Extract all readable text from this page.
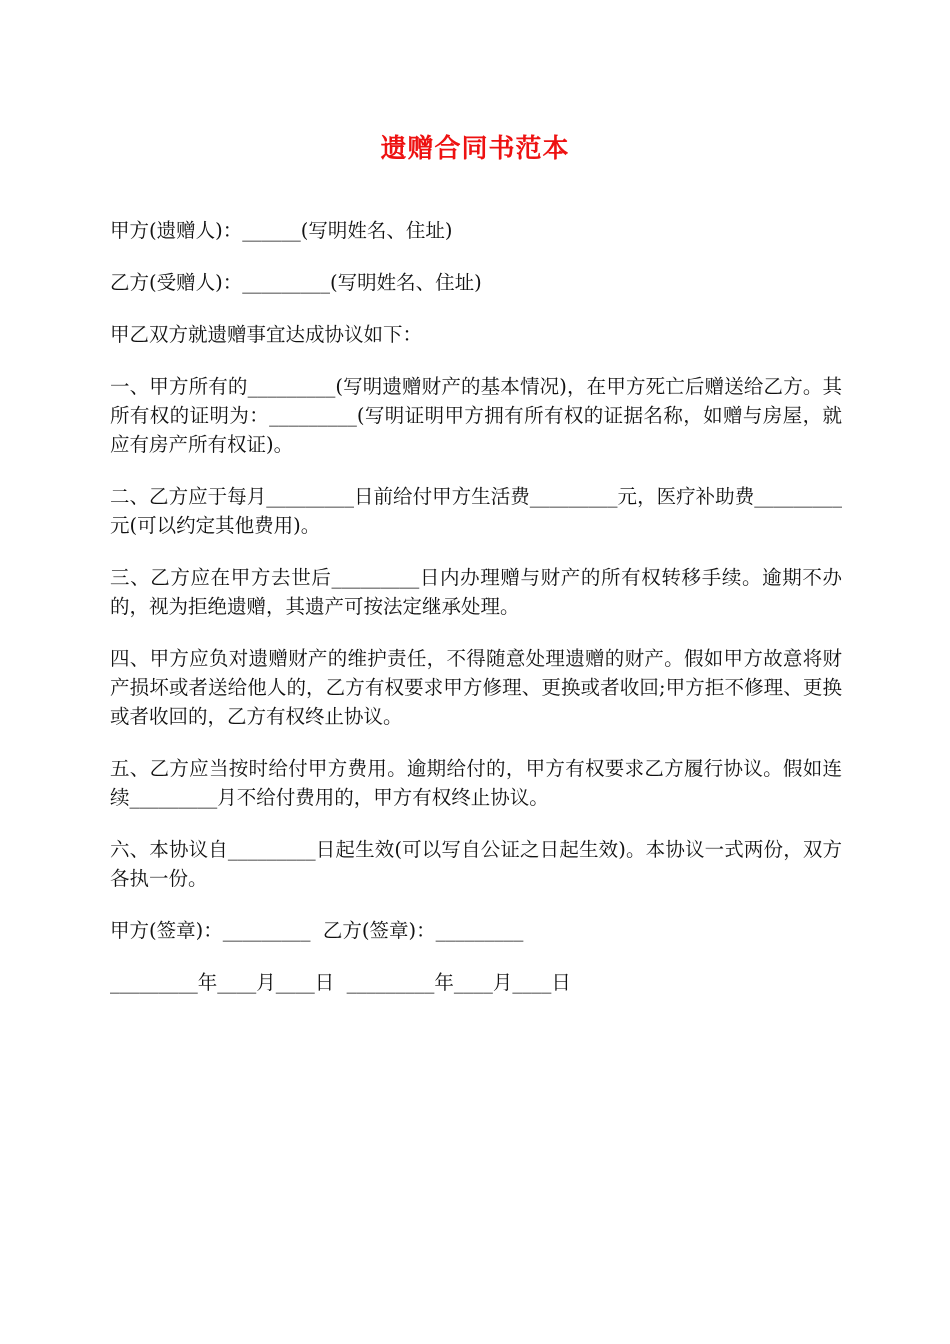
遗赠合同书范本

甲方(遗赠人)：______(写明姓名、住址)

乙方(受赠人)：_________(写明姓名、住址)

甲乙双方就遗赠事宜达成协议如下：

一、甲方所有的_________(写明遗赠财产的基本情况)，在甲方死亡后赠送给乙方。其所有权的证明为：_________(写明证明甲方拥有所有权的证据名称，如赠与房屋，就应有房产所有权证)。

二、乙方应于每月_________日前给付甲方生活费_________元，医疗补助费_________元(可以约定其他费用)。

三、乙方应在甲方去世后_________日内办理赠与财产的所有权转移手续。逾期不办的，视为拒绝遗赠，其遗产可按法定继承处理。

四、甲方应负对遗赠财产的维护责任，不得随意处理遗赠的财产。假如甲方故意将财产损坏或者送给他人的，乙方有权要求甲方修理、更换或者收回;甲方拒不修理、更换或者收回的，乙方有权终止协议。

五、乙方应当按时给付甲方费用。逾期给付的，甲方有权要求乙方履行协议。假如连续_________月不给付费用的，甲方有权终止协议。

六、本协议自_________日起生效(可以写自公证之日起生效)。本协议一式两份，双方各执一份。

甲方(签章)：_________  乙方(签章)：_________

_________年____月____日  _________年____月____日
